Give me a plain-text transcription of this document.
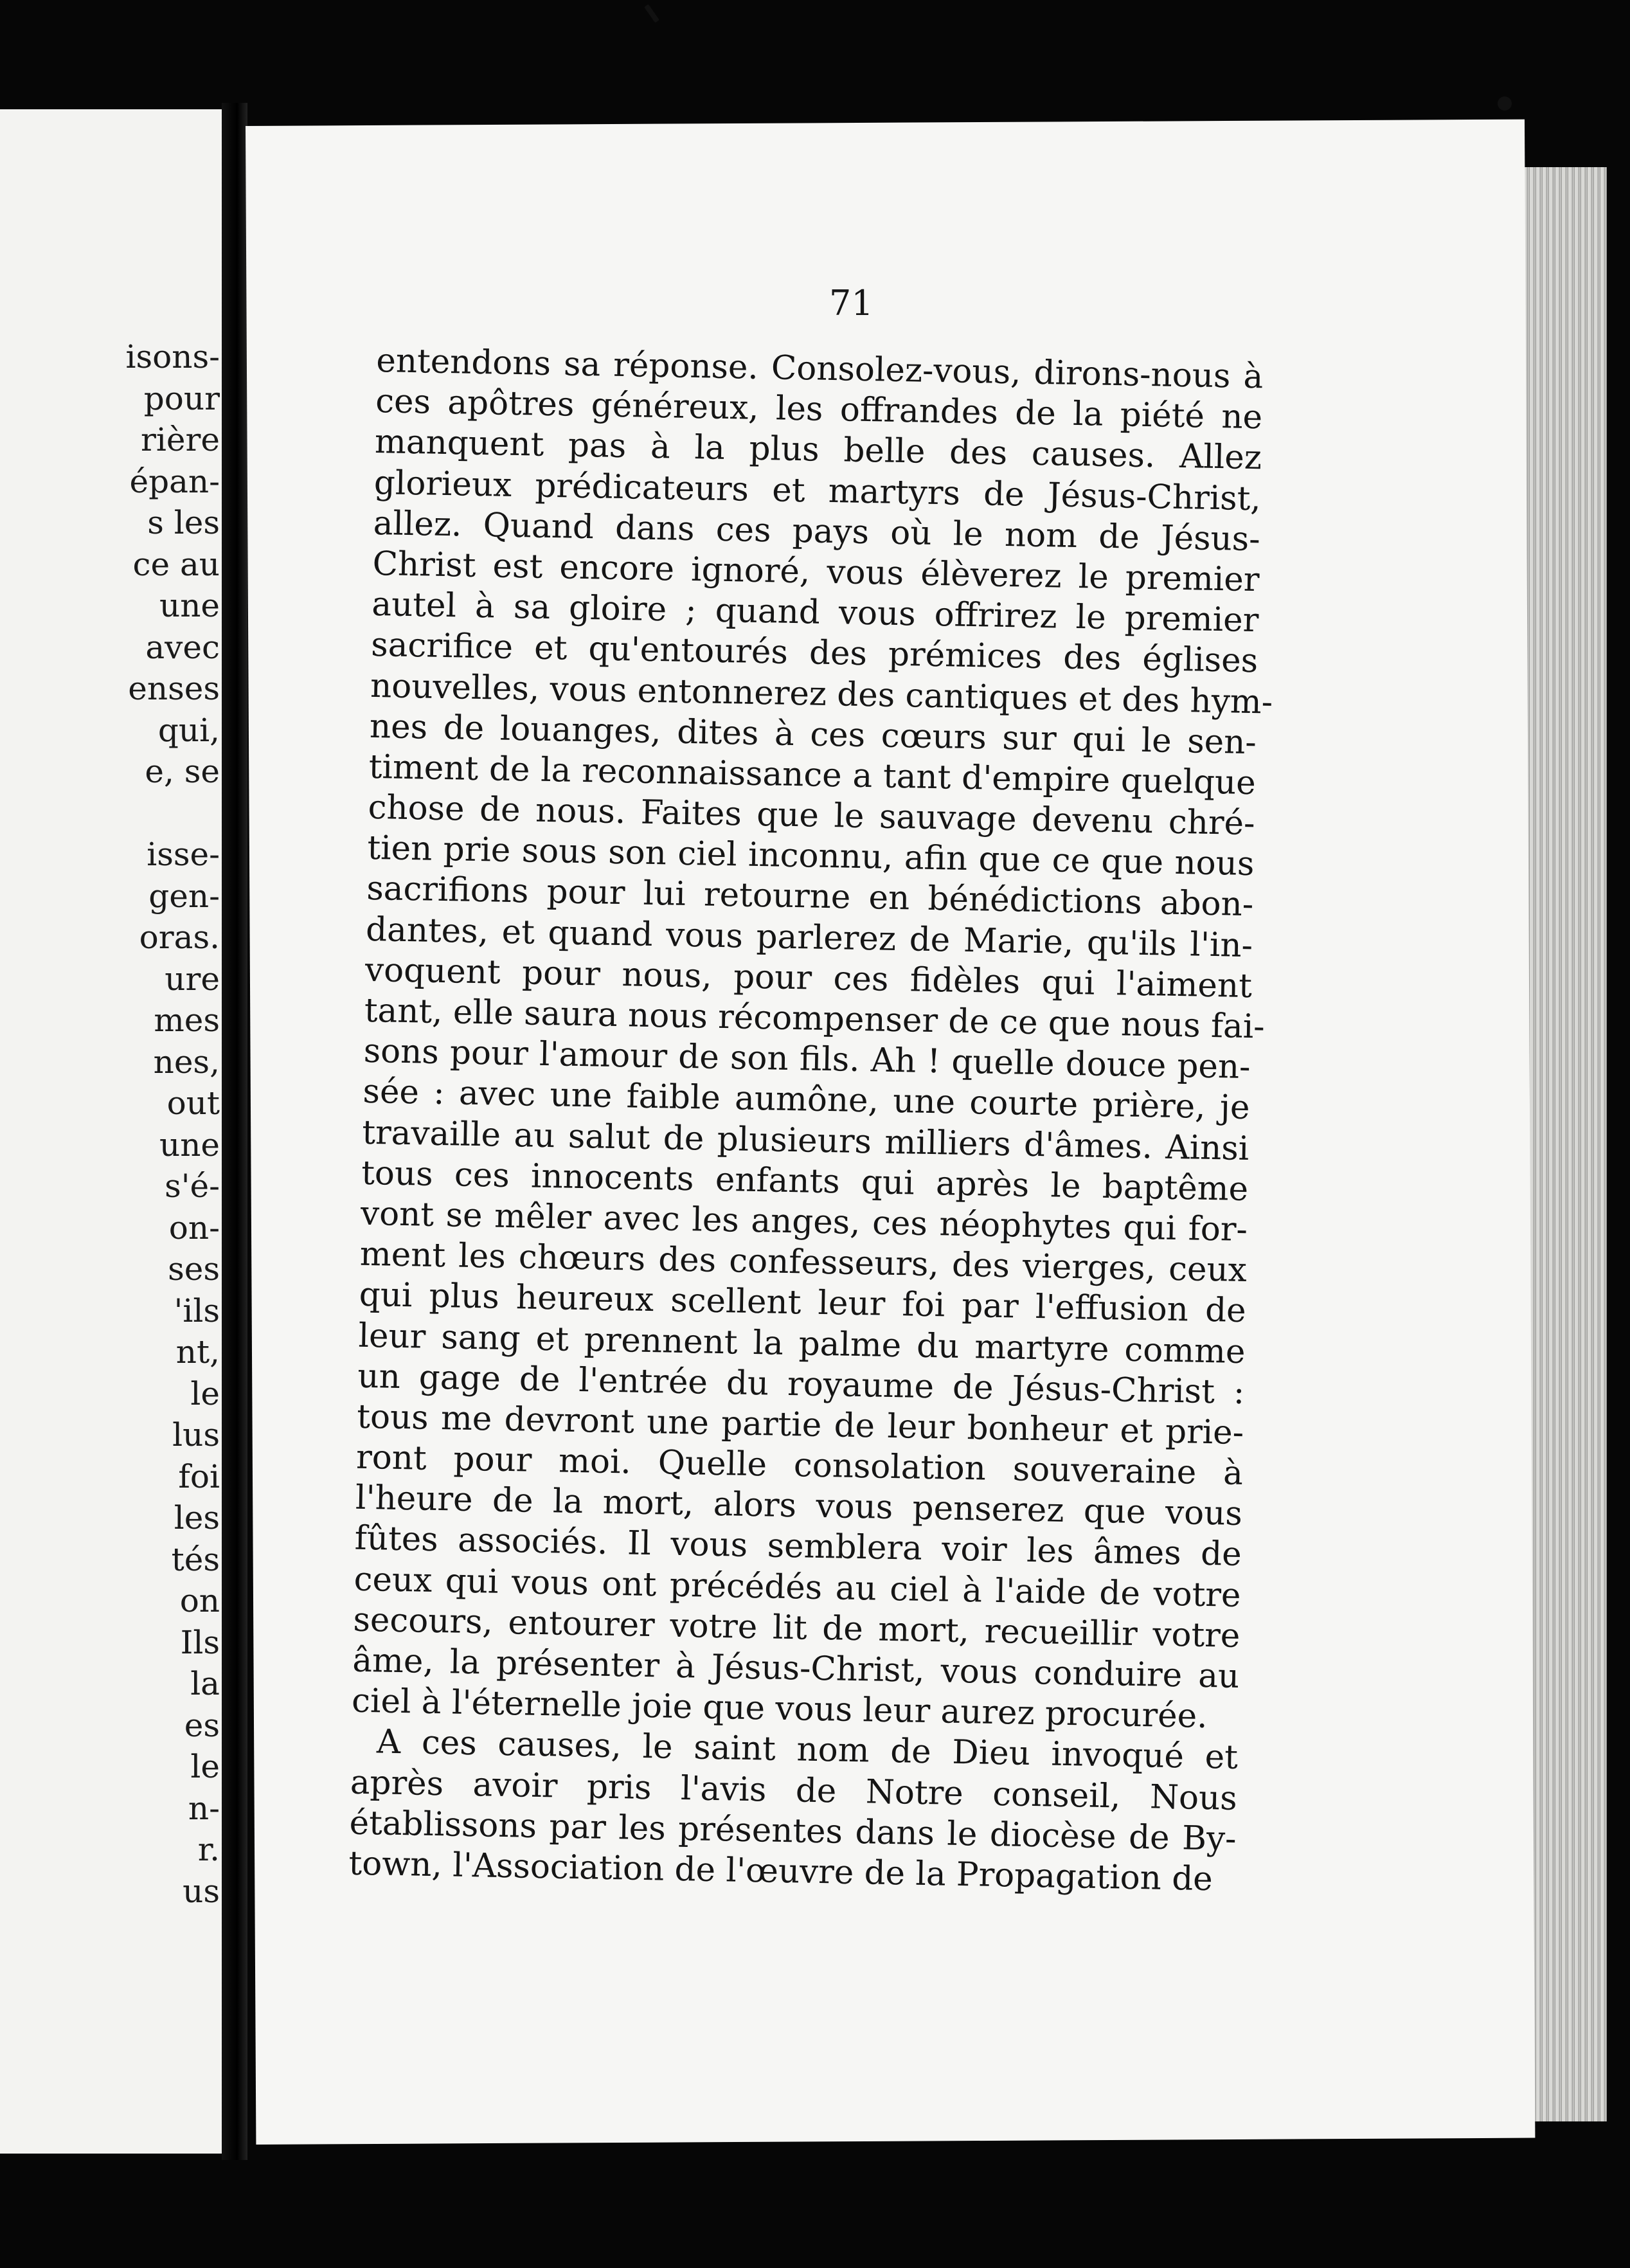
isons-
pour
rière
épan-
s les
ce au
une
avec
enses
qui,
e, se
isse-
gen-
oras.
ure
mes
nes,
out
une
s'é-
on-
ses
'ils
nt,
le
lus
foi
les
tés
on
Ils
la
es
le
n-
r.
us
71
entendons sa réponse. Consolez-vous, dirons-nous à
ces apôtres généreux, les offrandes de la piété ne
manquent pas à la plus belle des causes. Allez
glorieux prédicateurs et martyrs de Jésus-Christ,
allez. Quand dans ces pays où le nom de Jésus-
Christ est encore ignoré, vous élèverez le premier
autel à sa gloire ; quand vous offrirez le premier
sacrifice et qu'entourés des prémices des églises
nouvelles, vous entonnerez des cantiques et des hym-
nes de louanges, dites à ces cœurs sur qui le sen-
timent de la reconnaissance a tant d'empire quelque
chose de nous. Faites que le sauvage devenu chré-
tien prie sous son ciel inconnu, afin que ce que nous
sacrifions pour lui retourne en bénédictions abon-
dantes, et quand vous parlerez de Marie, qu'ils l'in-
voquent pour nous, pour ces fidèles qui l'aiment
tant, elle saura nous récompenser de ce que nous fai-
sons pour l'amour de son fils. Ah ! quelle douce pen-
sée : avec une faible aumône, une courte prière, je
travaille au salut de plusieurs milliers d'âmes. Ainsi
tous ces innocents enfants qui après le baptême
vont se mêler avec les anges, ces néophytes qui for-
ment les chœurs des confesseurs, des vierges, ceux
qui plus heureux scellent leur foi par l'effusion de
leur sang et prennent la palme du martyre comme
un gage de l'entrée du royaume de Jésus-Christ :
tous me devront une partie de leur bonheur et prie-
ront pour moi. Quelle consolation souveraine à
l'heure de la mort, alors vous penserez que vous
fûtes associés. Il vous semblera voir les âmes de
ceux qui vous ont précédés au ciel à l'aide de votre
secours, entourer votre lit de mort, recueillir votre
âme, la présenter à Jésus-Christ, vous conduire au
ciel à l'éternelle joie que vous leur aurez procurée.
A ces causes, le saint nom de Dieu invoqué et
après avoir pris l'avis de Notre conseil, Nous
établissons par les présentes dans le diocèse de By-
town, l'Association de l'œuvre de la Propagation de
